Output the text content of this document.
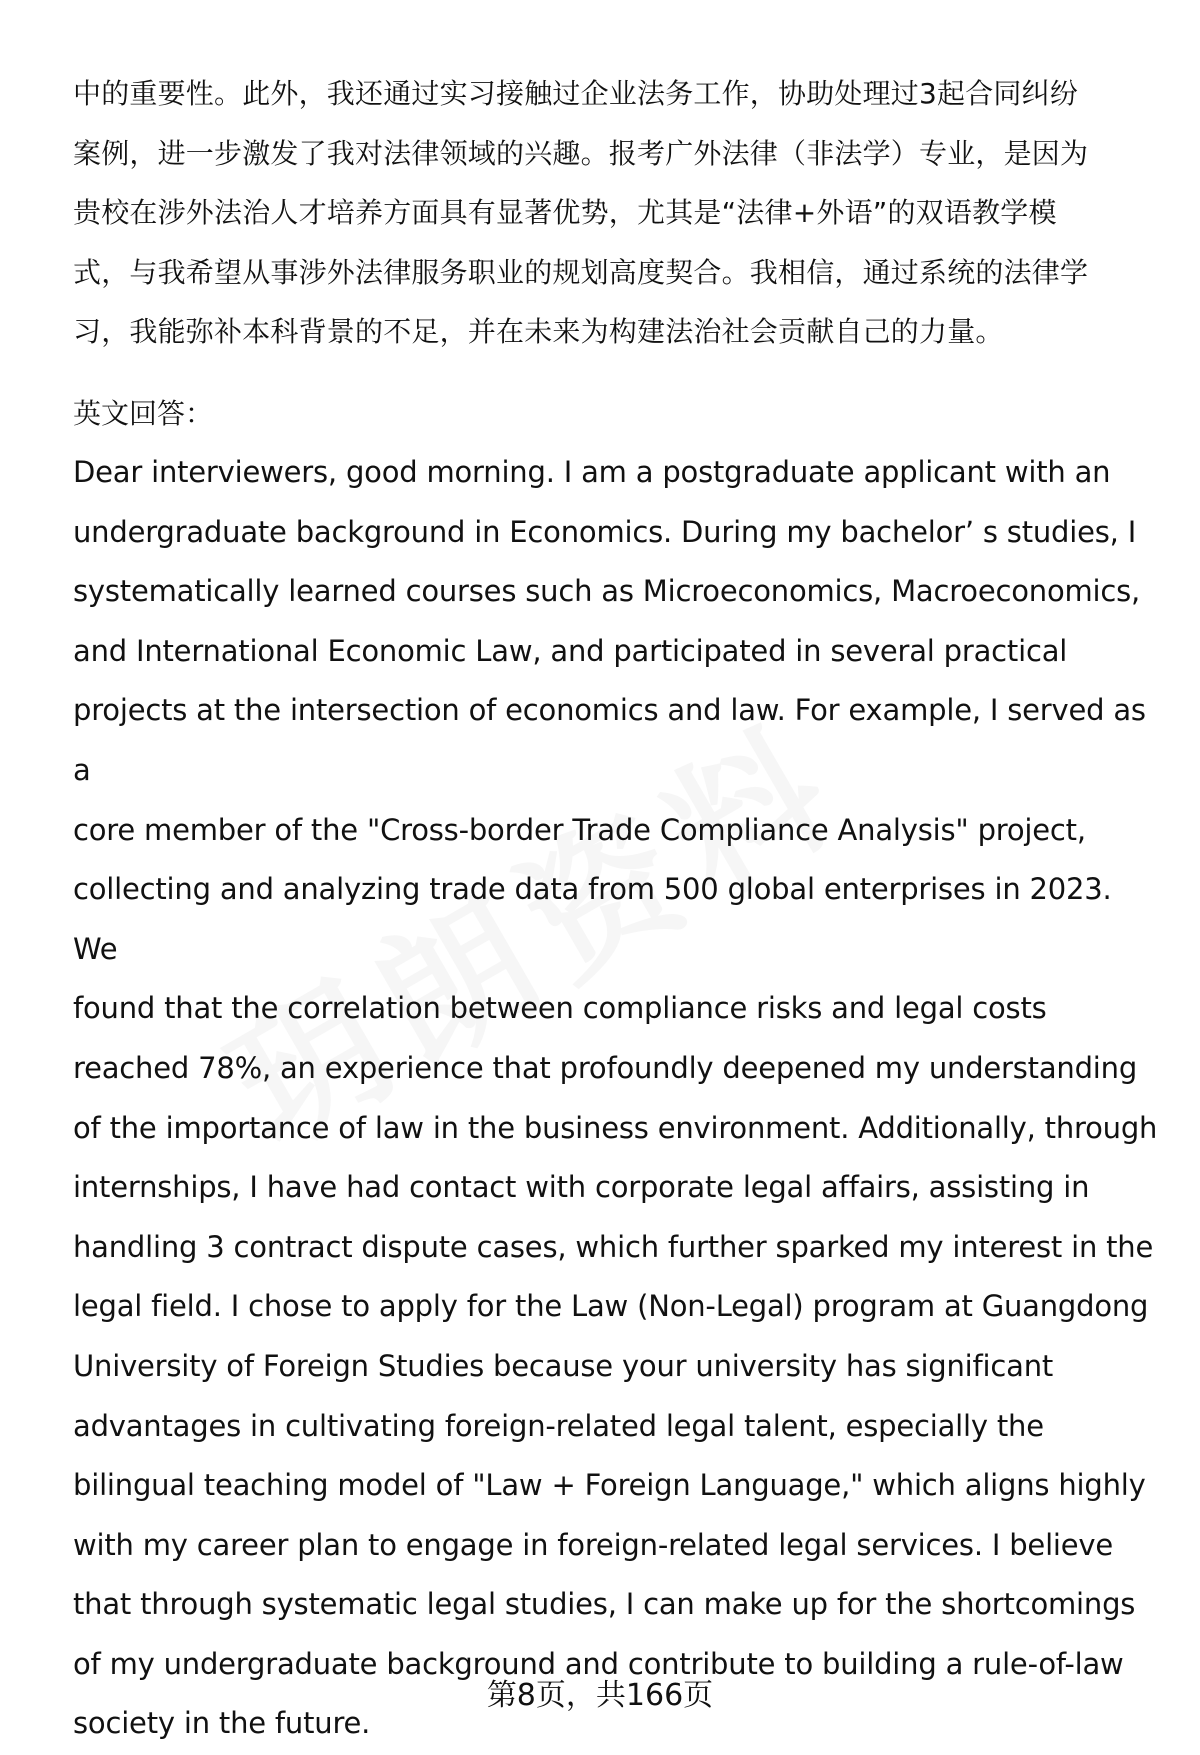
中的重要性。此外，我还通过实习接触过企业法务工作，协助处理过3起合同纠纷
案例，进一步激发了我对法律领域的兴趣。报考广外法律（非法学）专业，是因为
贵校在涉外法治人才培养方面具有显著优势，尤其是“法律+外语”的双语教学模
式，与我希望从事涉外法律服务职业的规划高度契合。我相信，通过系统的法律学
习，我能弥补本科背景的不足，并在未来为构建法治社会贡献自己的力量。
英文回答：
Dear interviewers, good morning. I am a postgraduate applicant with an
undergraduate background in Economics. During my bachelor’ s studies, I
systematically learned courses such as Microeconomics, Macroeconomics,
and International Economic Law, and participated in several practical
projects at the intersection of economics and law. For example, I served as a
core member of the "Cross-border Trade Compliance Analysis" project,
collecting and analyzing trade data from 500 global enterprises in 2023. We
found that the correlation between compliance risks and legal costs
reached 78%, an experience that profoundly deepened my understanding
of the importance of law in the business environment. Additionally, through
internships, I have had contact with corporate legal affairs, assisting in
handling 3 contract dispute cases, which further sparked my interest in the
legal field. I chose to apply for the Law (Non-Legal) program at Guangdong
University of Foreign Studies because your university has significant
advantages in cultivating foreign-related legal talent, especially the
bilingual teaching model of "Law + Foreign Language," which aligns highly
with my career plan to engage in foreign-related legal services. I believe
that through systematic legal studies, I can make up for the shortcomings
of my undergraduate background and contribute to building a rule-of-law
society in the future.
第8页，共166页
